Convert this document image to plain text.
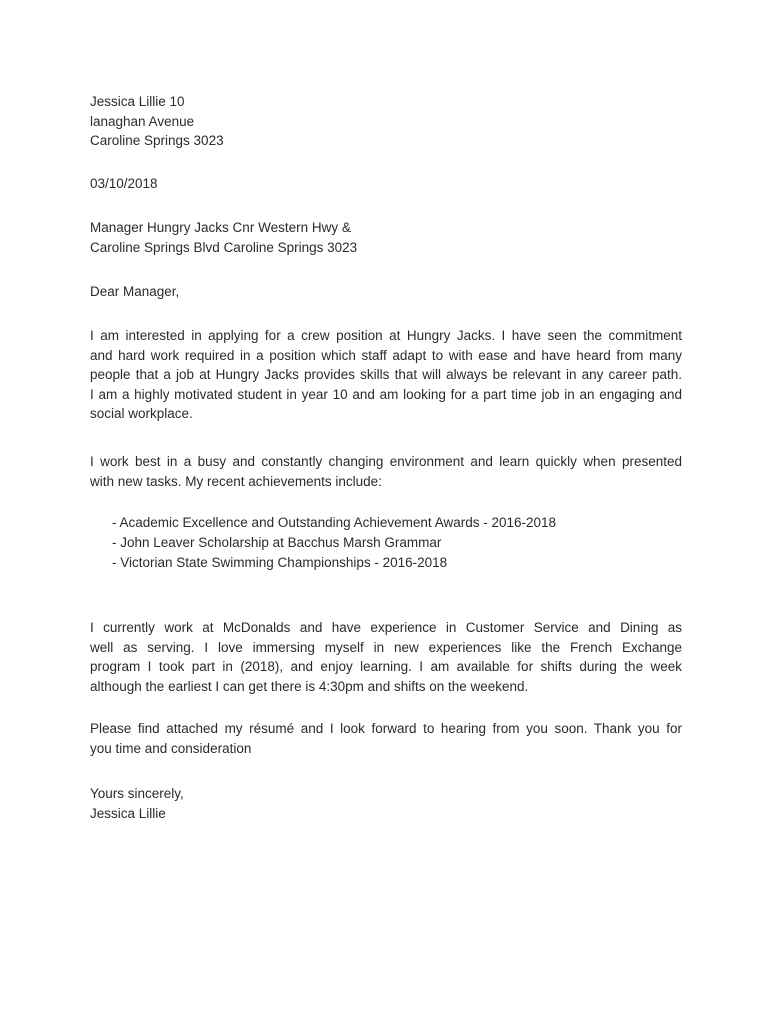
Jessica Lillie 10
lanaghan Avenue
Caroline Springs 3023
03/10/2018
Manager Hungry Jacks Cnr Western Hwy &
Caroline Springs Blvd Caroline Springs 3023
Dear Manager,
I am interested in applying for a crew position at Hungry Jacks. I have seen the commitment
and hard work required in a position which staff adapt to with ease and have heard from many
people that a job at Hungry Jacks provides skills that will always be relevant in any career path.
I am a highly motivated student in year 10 and am looking for a part time job in an engaging and
social workplace.
I work best in a busy and constantly changing environment and learn quickly when presented
with new tasks. My recent achievements include:
- Academic Excellence and Outstanding Achievement Awards - 2016-2018
- John Leaver Scholarship at Bacchus Marsh Grammar
- Victorian State Swimming Championships - 2016-2018
I currently work at McDonalds and have experience in Customer Service and Dining as
well as serving. I love immersing myself in new experiences like the French Exchange
program I took part in (2018), and enjoy learning. I am available for shifts during the week
although the earliest I can get there is 4:30pm and shifts on the weekend.
Please find attached my résumé and I look forward to hearing from you soon. Thank you for
you time and consideration
Yours sincerely,
Jessica Lillie
